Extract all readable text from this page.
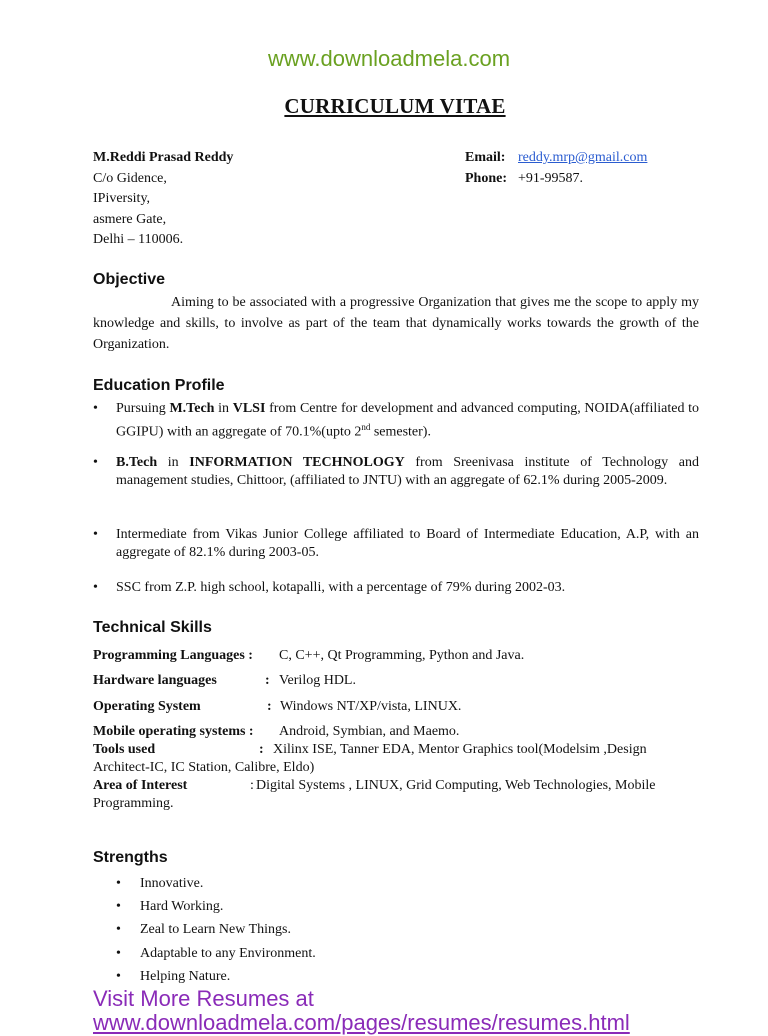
www.downloadmela.com
CURRICULUM VITAE
M.Reddi Prasad Reddy
C/o Gidence,
IPiversity,
asmere Gate,
Delhi – 110006.
Email: reddy.mrp@gmail.com
Phone: +91-99587.
Objective
Aiming to be associated with a progressive Organization that gives me the scope to apply my knowledge and skills, to involve as part of the team that dynamically works towards the growth of the Organization.
Education Profile
• Pursuing M.Tech in VLSI from Centre for development and advanced computing, NOIDA(affiliated to GGIPU) with an aggregate of 70.1%(upto 2nd semester).
• B.Tech in INFORMATION TECHNOLOGY from Sreenivasa institute of Technology and management studies, Chittoor, (affiliated to JNTU) with an aggregate of 62.1% during 2005-2009.
• Intermediate from Vikas Junior College affiliated to Board of Intermediate Education, A.P, with an aggregate of 82.1% during 2003-05.
• SSC from Z.P. high school, kotapalli, with a percentage of 79% during 2002-03.
Technical Skills
Programming Languages : C, C++, Qt Programming, Python and Java.
Hardware languages	: Verilog HDL.
Operating System	: Windows NT/XP/vista, LINUX.
Mobile operating systems : Android, Symbian, and Maemo.
Tools used	: Xilinx ISE, Tanner EDA, Mentor Graphics tool(Modelsim ,Design Architect-IC, IC Station, Calibre, Eldo)
Area of Interest	: Digital Systems , LINUX, Grid Computing, Web Technologies, Mobile Programming.
Strengths
• Innovative.
• Hard Working.
• Zeal to Learn New Things.
• Adaptable to any Environment.
• Helping Nature.
Visit More Resumes at
www.downloadmela.com/pages/resumes/resumes.html
